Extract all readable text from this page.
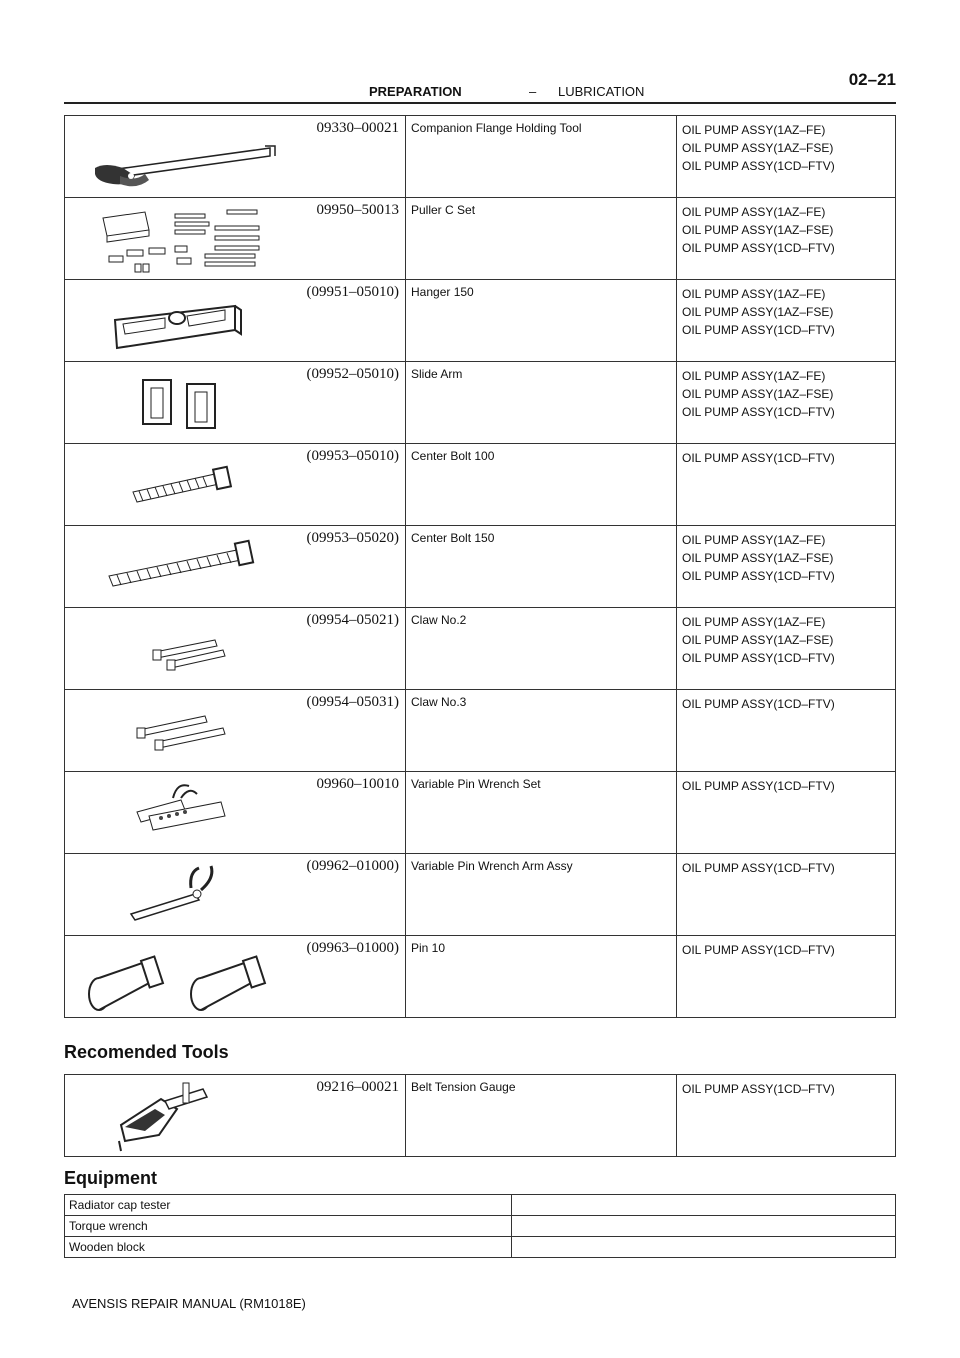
PREPARATION	– LUBRICATION
02–21
09330–00021	Companion Flange Holding Tool	OIL PUMP ASSY(1AZ–FE)
OIL PUMP ASSY(1AZ–FSE)
OIL PUMP ASSY(1CD–FTV)

09950–50013	Puller C Set	OIL PUMP ASSY(1AZ–FE)
OIL PUMP ASSY(1AZ–FSE)
OIL PUMP ASSY(1CD–FTV)

(09951–05010)	Hanger 150	OIL PUMP ASSY(1AZ–FE)
OIL PUMP ASSY(1AZ–FSE)
OIL PUMP ASSY(1CD–FTV)

(09952–05010)	Slide Arm	OIL PUMP ASSY(1AZ–FE)
OIL PUMP ASSY(1AZ–FSE)
OIL PUMP ASSY(1CD–FTV)

(09953–05010)	Center Bolt 100	OIL PUMP ASSY(1CD–FTV)

(09953–05020)	Center Bolt 150	OIL PUMP ASSY(1AZ–FE)
OIL PUMP ASSY(1AZ–FSE)
OIL PUMP ASSY(1CD–FTV)

(09954–05021)	Claw No.2	OIL PUMP ASSY(1AZ–FE)
OIL PUMP ASSY(1AZ–FSE)
OIL PUMP ASSY(1CD–FTV)

(09954–05031)	Claw No.3	OIL PUMP ASSY(1CD–FTV)

09960–10010	Variable Pin Wrench Set	OIL PUMP ASSY(1CD–FTV)

(09962–01000)	Variable Pin Wrench Arm Assy	OIL PUMP ASSY(1CD–FTV)

(09963–01000)	Pin 10	OIL PUMP ASSY(1CD–FTV)
Recomended Tools
09216–00021	Belt Tension Gauge	OIL PUMP ASSY(1CD–FTV)
Equipment
Radiator cap tester	
Torque wrench	
Wooden block	
AVENSIS REPAIR MANUAL (RM1018E)
